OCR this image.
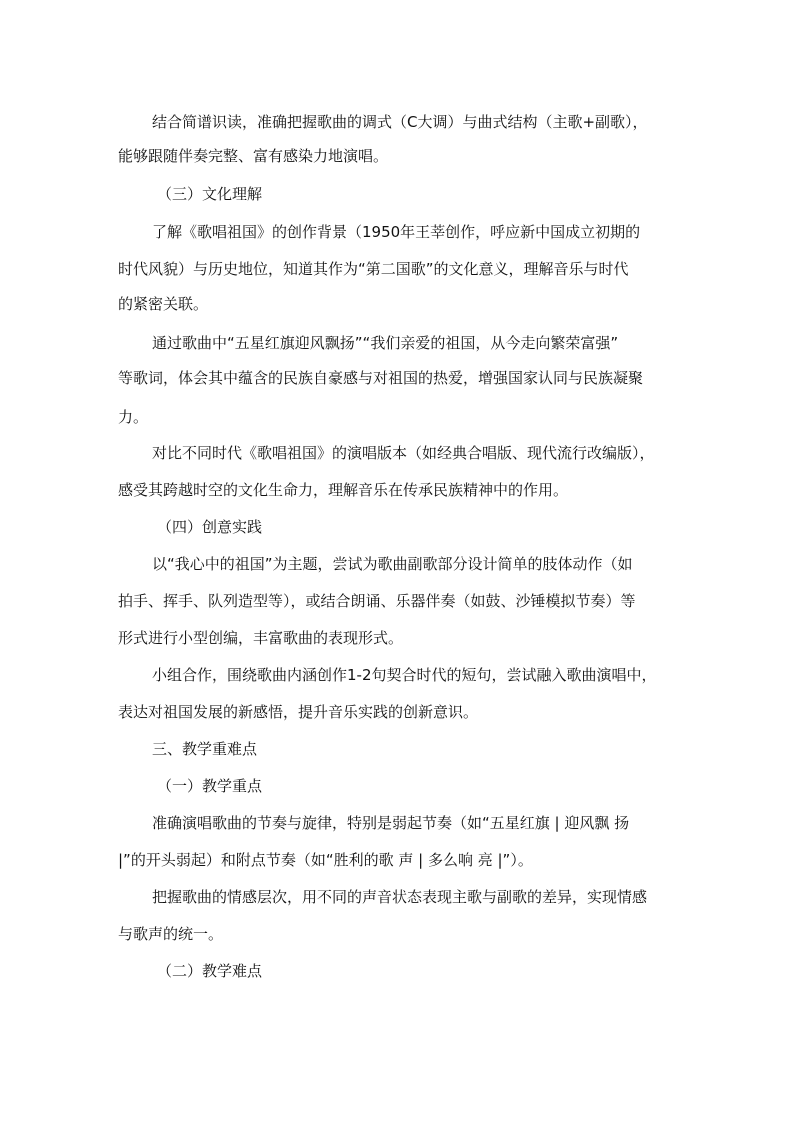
结合简谱识读，准确把握歌曲的调式（C大调）与曲式结构（主歌+副歌），
能够跟随伴奏完整、富有感染力地演唱。
（三）文化理解
了解《歌唱祖国》的创作背景（1950年王莘创作，呼应新中国成立初期的
时代风貌）与历史地位，知道其作为“第二国歌”的文化意义，理解音乐与时代
的紧密关联。
通过歌曲中“五星红旗迎风飘扬”“我们亲爱的祖国，从今走向繁荣富强”
等歌词，体会其中蕴含的民族自豪感与对祖国的热爱，增强国家认同与民族凝聚
力。
对比不同时代《歌唱祖国》的演唱版本（如经典合唱版、现代流行改编版），
感受其跨越时空的文化生命力，理解音乐在传承民族精神中的作用。
（四）创意实践
以“我心中的祖国”为主题，尝试为歌曲副歌部分设计简单的肢体动作（如
拍手、挥手、队列造型等），或结合朗诵、乐器伴奏（如鼓、沙锤模拟节奏）等
形式进行小型创编，丰富歌曲的表现形式。
小组合作，围绕歌曲内涵创作1-2句契合时代的短句，尝试融入歌曲演唱中，
表达对祖国发展的新感悟，提升音乐实践的创新意识。
三、教学重难点
（一）教学重点
准确演唱歌曲的节奏与旋律，特别是弱起节奏（如“五星红旗 | 迎风飘 扬
|”的开头弱起）和附点节奏（如“胜利的歌 声 | 多么响 亮 |”）。
把握歌曲的情感层次，用不同的声音状态表现主歌与副歌的差异，实现情感
与歌声的统一。
（二）教学难点
